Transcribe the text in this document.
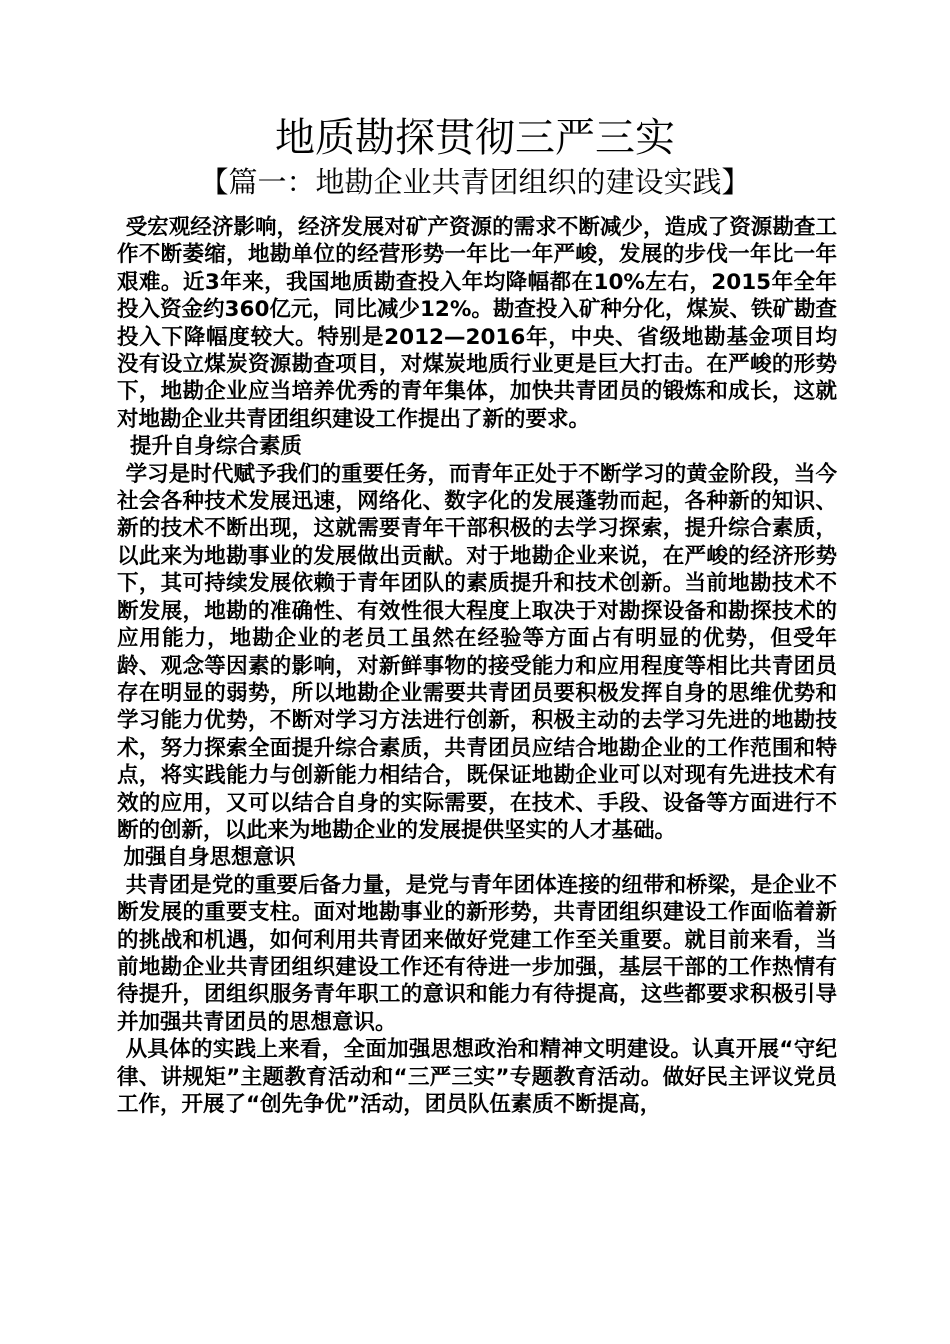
地质勘探贯彻三严三实
【篇一：地勘企业共青团组织的建设实践】

受宏观经济影响，经济发展对矿产资源的需求不断减少，造成了资源勘查工作不断萎缩，地勘单位的经营形势一年比一年严峻，发展的步伐一年比一年艰难。近3年来，我国地质勘查投入年均降幅都在10%左右，2015年全年投入资金约360亿元，同比减少12%。勘查投入矿种分化，煤炭、铁矿勘查投入下降幅度较大。特别是2012—2016年，中央、省级地勘基金项目均没有设立煤炭资源勘查项目，对煤炭地质行业更是巨大打击。在严峻的形势下，地勘企业应当培养优秀的青年集体，加快共青团员的锻炼和成长，这就对地勘企业共青团组织建设工作提出了新的要求。

提升自身综合素质

学习是时代赋予我们的重要任务，而青年正处于不断学习的黄金阶段，当今社会各种技术发展迅速，网络化、数字化的发展蓬勃而起，各种新的知识、新的技术不断出现，这就需要青年干部积极的去学习探索，提升综合素质，以此来为地勘事业的发展做出贡献。对于地勘企业来说，在严峻的经济形势下，其可持续发展依赖于青年团队的素质提升和技术创新。当前地勘技术不断发展，地勘的准确性、有效性很大程度上取决于对勘探设备和勘探技术的应用能力，地勘企业的老员工虽然在经验等方面占有明显的优势，但受年龄、观念等因素的影响，对新鲜事物的接受能力和应用程度等相比共青团员存在明显的弱势，所以地勘企业需要共青团员要积极发挥自身的思维优势和学习能力优势，不断对学习方法进行创新，积极主动的去学习先进的地勘技术，努力探索全面提升综合素质，共青团员应结合地勘企业的工作范围和特点，将实践能力与创新能力相结合，既保证地勘企业可以对现有先进技术有效的应用，又可以结合自身的实际需要，在技术、手段、设备等方面进行不断的创新，以此来为地勘企业的发展提供坚实的人才基础。

加强自身思想意识

共青团是党的重要后备力量，是党与青年团体连接的纽带和桥梁，是企业不断发展的重要支柱。面对地勘事业的新形势，共青团组织建设工作面临着新的挑战和机遇，如何利用共青团来做好党建工作至关重要。就目前来看，当前地勘企业共青团组织建设工作还有待进一步加强，基层干部的工作热情有待提升，团组织服务青年职工的意识和能力有待提高，这些都要求积极引导并加强共青团员的思想意识。

从具体的实践上来看，全面加强思想政治和精神文明建设。认真开展“守纪律、讲规矩”主题教育活动和“三严三实”专题教育活动。做好民主评议党员工作，开展了“创先争优”活动，团员队伍素质不断提高，
